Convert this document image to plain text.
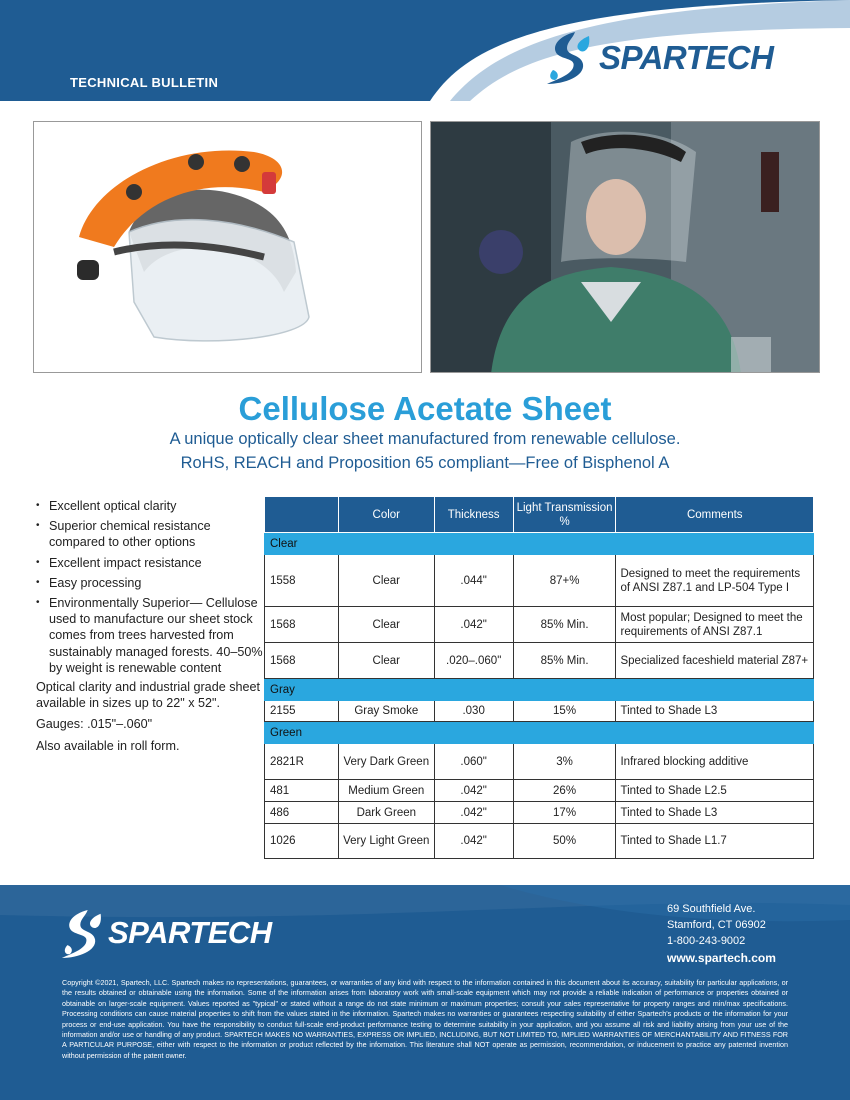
TECHNICAL BULLETIN
SPARTECH
Cellulose Acetate Sheet
A unique optically clear sheet manufactured from renewable cellulose.
RoHS, REACH and Proposition 65 compliant—Free of Bisphenol A
• Excellent optical clarity
• Superior chemical resistance compared to other options
• Excellent impact resistance
• Easy processing
• Environmentally Superior— Cellulose used to manufacture our sheet stock comes from trees harvested from sustainably managed forests. 40–50% by weight is renewable content
Optical clarity and industrial grade sheet available in sizes up to 22" x 52".
Gauges: .015"–.060"
Also available in roll form.
	Color	Thickness	Light Transmission %	Comments
Clear				
1558	Clear	.044"	87+%	Designed to meet the requirements of ANSI Z87.1 and LP-504 Type I
1568	Clear	.042"	85% Min.	Most popular; Designed to meet the requirements of ANSI Z87.1
1568	Clear	.020–.060"	85% Min.	Specialized faceshield material Z87+
Gray				
2155	Gray Smoke	.030	15%	Tinted to Shade L3
Green				
2821R	Very Dark Green	.060"	3%	Infrared blocking additive
481	Medium Green	.042"	26%	Tinted to Shade L2.5
486	Dark Green	.042"	17%	Tinted to Shade L3
1026	Very Light Green	.042"	50%	Tinted to Shade L1.7
SPARTECH
69 Southfield Ave.
Stamford, CT 06902
1-800-243-9002
www.spartech.com
Copyright ©2021, Spartech, LLC. Spartech makes no representations, guarantees, or warranties of any kind with respect to the information contained in this document about its accuracy, suitability for particular applications, or the results obtained or obtainable using the information. Some of the information arises from laboratory work with small-scale equipment which may not provide a reliable indication of performance or properties obtained or obtainable on larger-scale equipment. Values reported as "typical" or stated without a range do not state minimum or maximum properties; consult your sales representative for property ranges and min/max specifications. Processing conditions can cause material properties to shift from the values stated in the information. Spartech makes no warranties or guarantees respecting suitability of either Spartech's products or the information for your process or end-use application. You have the responsibility to conduct full-scale end-product performance testing to determine suitability in your application, and you assume all risk and liability arising from your use of the information and/or use or handling of any product. SPARTECH MAKES NO WARRANTIES, EXPRESS OR IMPLIED, INCLUDING, BUT NOT LIMITED TO, IMPLIED WARRANTIES OF MERCHANTABILITY AND FITNESS FOR A PARTICULAR PURPOSE, either with respect to the information or product reflected by the information. This literature shall NOT operate as permission, recommendation, or inducement to practice any patented invention without permission of the patent owner.
